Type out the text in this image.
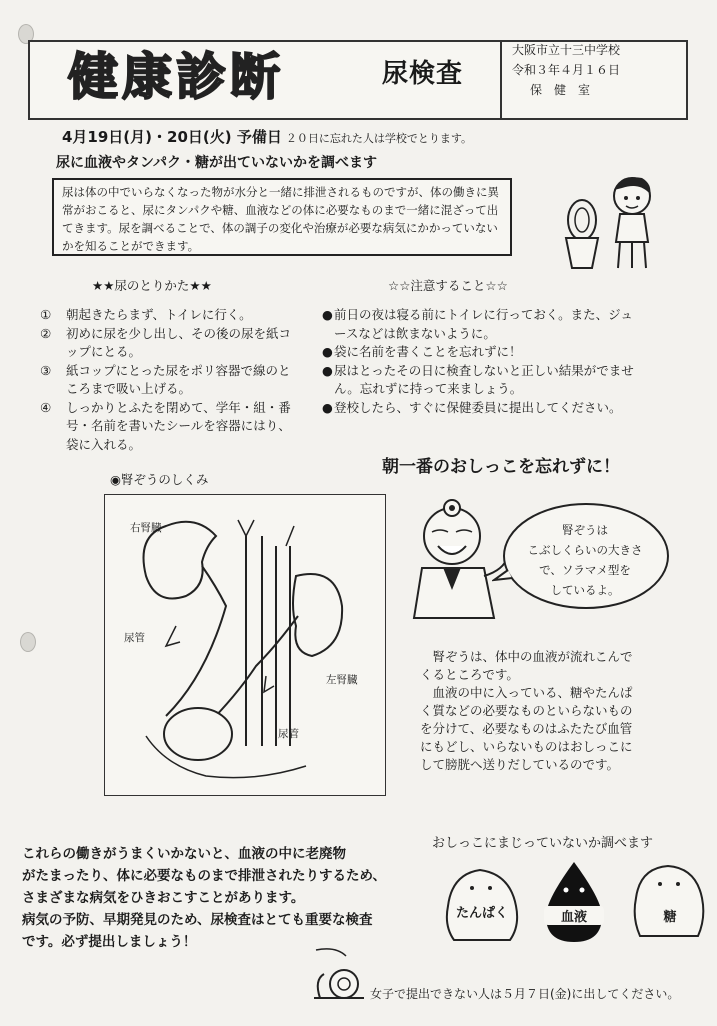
健康診断	尿検査
大阪市立十三中学校
令和３年４月１６日
保　健　室
4月19日(月)・20日(火) 予備日 ２０日に忘れた人は学校でとります。
尿に血液やタンパク・糖が出ていないかを調べます
尿は体の中でいらなくなった物が水分と一緒に排泄されるものですが、体の働きに異常がおこると、尿にタンパクや糖、血液などの体に必要なものまで一緒に混ざって出てきます。尿を調べることで、体の調子の変化や治療が必要な病気にかかっていないかを知ることができます。
★★尿のとりかた★★
①	朝起きたらまず、トイレに行く。
②	初めに尿を少し出し、その後の尿を紙コップにとる。
③	紙コップにとった尿をポリ容器で線のところまで吸い上げる。
④	しっかりとふたを閉めて、学年・組・番号・名前を書いたシールを容器にはり、袋に入れる。
☆☆注意すること☆☆
● 前日の夜は寝る前にトイレに行っておく。また、ジュースなどは飲まないように。
● 袋に名前を書くことを忘れずに！
● 尿はとったその日に検査しないと正しい結果がでません。忘れずに持って来ましょう。
● 登校したら、すぐに保健委員に提出してください。
朝一番のおしっこを忘れずに！
◉腎ぞうのしくみ
右腎臓
左腎臓
尿管
尿管
腎ぞうは
こぶしくらいの大きさ
で、ソラマメ型を
しているよ。

腎ぞうは、体中の血液が流れこんでくるところです。

血液の中に入っている、糖やたんぱく質などの必要なものといらないものを分けて、必要なものはふたたび血管にもどし、いらないものはおしっこにして膀胱へ送りだしているのです。

これらの働きがうまくいかないと、血液の中に老廃物
がたまったり、体に必要なものまで排泄されたりするため、
さまざまな病気をひきおこすことがあります。
病気の予防、早期発見のため、尿検査はとても重要な検査
です。必ず提出しましょう！
おしっこにまじっていないか調べます
たんぱく	血液	糖
女子で提出できない人は５月７日(金)に出してください。
